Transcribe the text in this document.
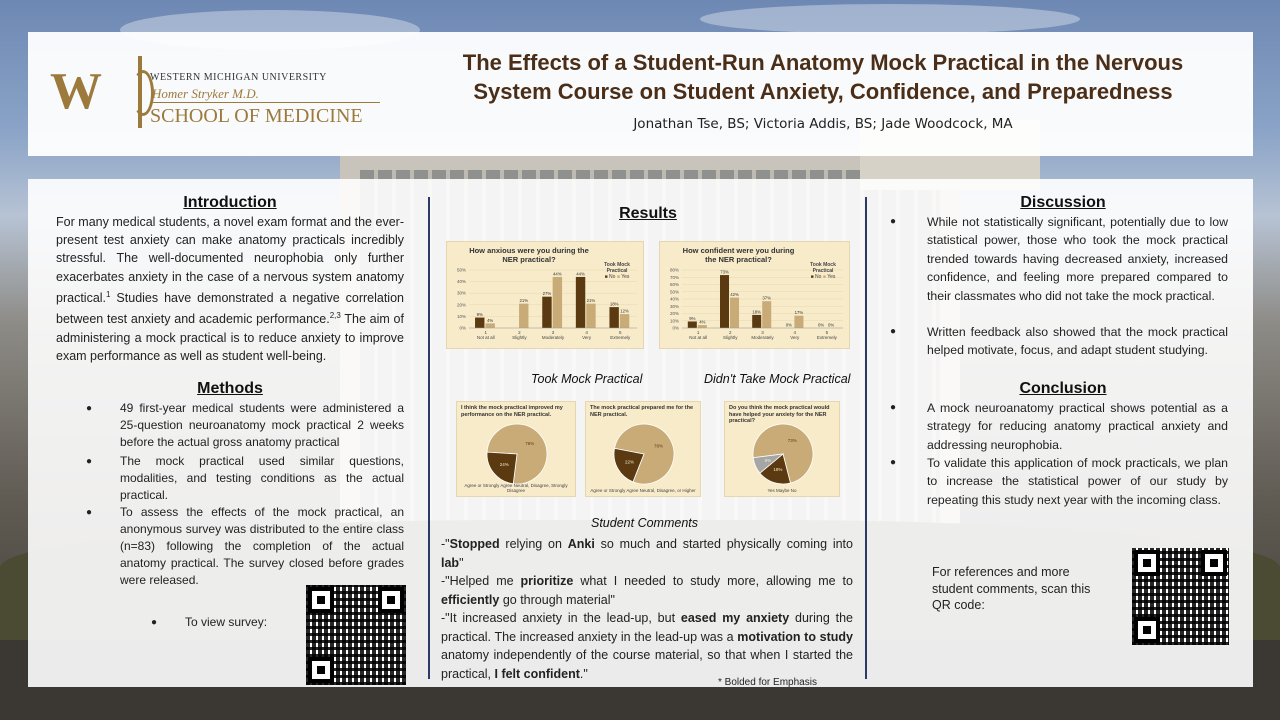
W	WESTERN MICHIGAN UNIVERSITY
Homer Stryker M.D.
SCHOOL OF MEDICINE
The Effects of a Student-Run Anatomy Mock Practical in the Nervous
System Course on Student Anxiety, Confidence, and Preparedness
Jonathan Tse, BS; Victoria Addis, BS; Jade Woodcock, MA
Introduction
For many medical students, a novel exam format and the ever-present test anxiety can make anatomy practicals incredibly stressful. The well-documented neurophobia only further exacerbates anxiety in the case of a nervous system anatomy practical.$^1$ Studies have demonstrated a negative correlation between test anxiety and academic performance.$^{2,3}$ The aim of administering a mock practical is to reduce anxiety to improve exam performance as well as student well-being.
Methods
● 49 first-year medical students were administered a 25-question neuroanatomy mock practical 2 weeks before the actual gross anatomy practical
● The mock practical used similar questions, modalities, and testing conditions as the actual practical.
● To assess the effects of the mock practical, an anonymous survey was distributed to the entire class (n=83) following the completion of the actual anatomy practical. The survey closed before grades were released.
● To view survey:
Results
0%
10%
20%
30%
40%
50%
9%
4%
1
Not at all
21%
2
Slightly
27%
44%
3
Moderately
44%
21%
4
Very
18%
12%
5
Extremely
How anxious were you during the NER practical?
Took Mock Practical
■ No ■ Yes
0%
10%
20%
30%
40%
50%
60%
70%
80%
9%
4%
1
Not at all
73%
42%
2
Slightly
18%
37%
3
Moderately
0%
17%
4
Very
0% 0%
5
Extremely
How confident were you during the NER practical?
Took Mock Practical
■ No ■ Yes
Took Mock Practical	Didn't Take Mock Practical
I think the mock practical improved my performance on the NER practical.
76%
24%
Agree or Strongly Agree Neutral, Disagree, Strongly Disagree
The mock practical prepared me for the NER practical.
78%
22%
Agree or Strongly Agree Neutral, Disagree, or Higher
Do you think the mock practical would have helped your anxiety for the NER practical?
73%
18%
9%
Yes Maybe No
Student Comments
-"Stopped relying on Anki so much and started physically coming into lab"
-"Helped me prioritize what I needed to study more, allowing me to efficiently go through material"
-"It increased anxiety in the lead-up, but eased my anxiety during the practical. The increased anxiety in the lead-up was a motivation to study anatomy independently of the course material, so that when I started the practical, I felt confident."
* Bolded for Emphasis
Discussion
●	While not statistically significant, potentially due to low statistical power, those who took the mock practical trended towards having decreased anxiety, increased confidence, and feeling more prepared compared to their classmates who did not take the mock practical.
●	Written feedback also showed that the mock practical helped motivate, focus, and adapt student studying.
Conclusion
●	A mock neuroanatomy practical shows potential as a strategy for reducing anatomy practical anxiety and addressing neurophobia.
●	To validate this application of mock practicals, we plan to increase the statistical power of our study by repeating this study next year with the incoming class.
For references and more student comments, scan this QR code:
